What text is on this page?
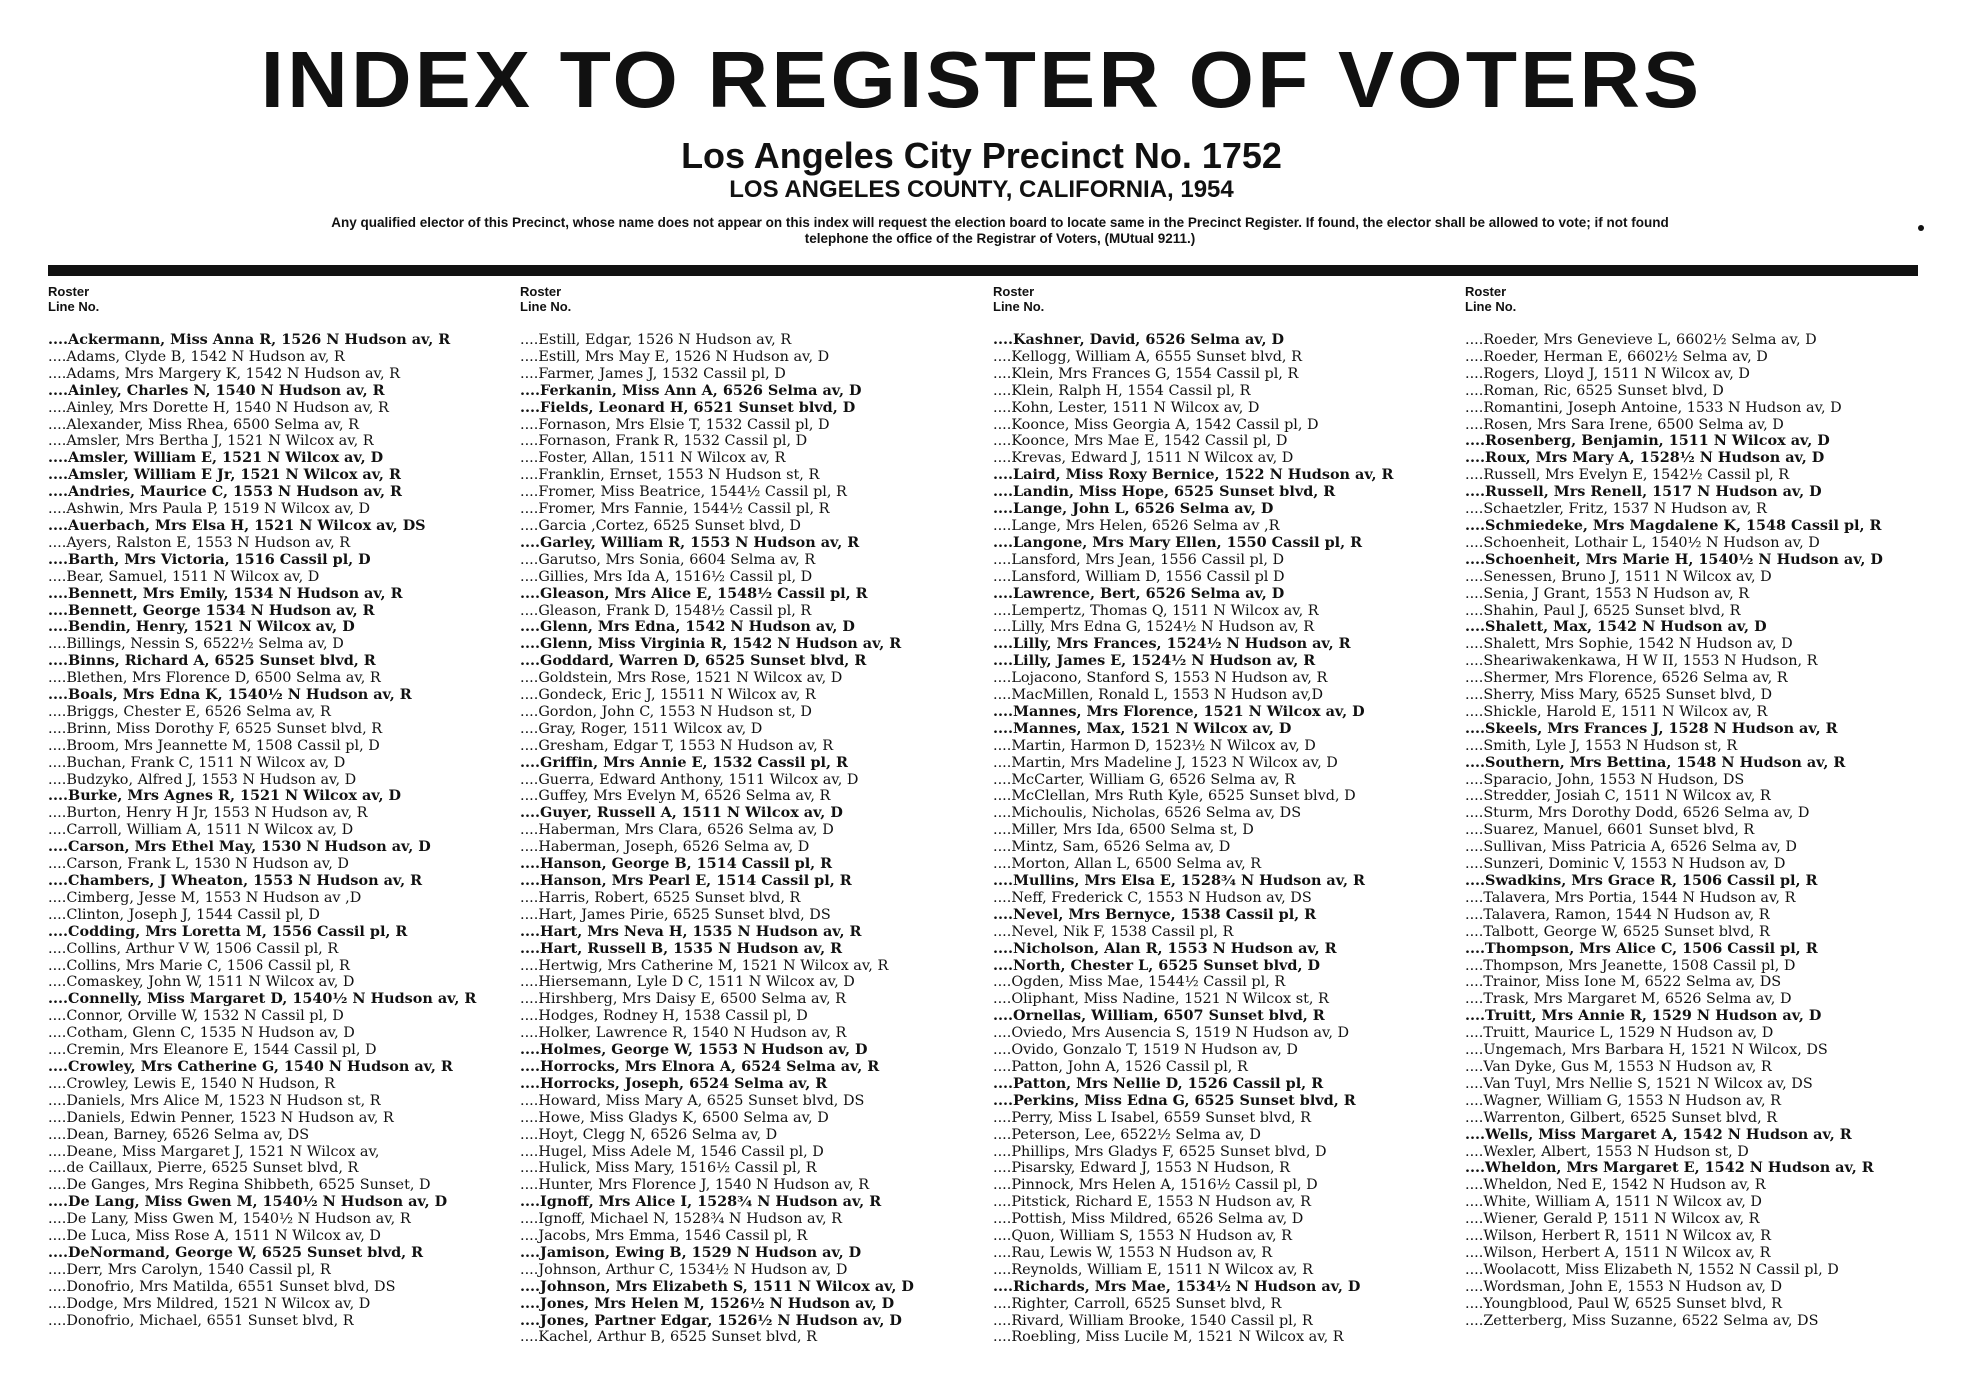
INDEX TO REGISTER OF VOTERS
Los Angeles City Precinct No. 1752
LOS ANGELES COUNTY, CALIFORNIA, 1954

Any qualified elector of this Precinct, whose name does not appear on this index will request the election board to locate same in the Precinct Register. If found, the elector shall be allowed to vote; if not found telephone the office of the Registrar of Voters, (MUtual 9211.)

Roster
Line No.
.... Ackermann, Miss Anna R, 1526 N Hudson av, R
.... Adams, Clyde B, 1542 N Hudson av, R
.... Adams, Mrs Margery K, 1542 N Hudson av, R
.... Ainley, Charles N, 1540 N Hudson av, R
.... Ainley, Mrs Dorette H, 1540 N Hudson av, R
.... Alexander, Miss Rhea, 6500 Selma av, R
.... Amsler, Mrs Bertha J, 1521 N Wilcox av, R
.... Amsler, William E, 1521 N Wilcox av, D
.... Amsler, William E Jr, 1521 N Wilcox av, R
.... Andries, Maurice C, 1553 N Hudson av, R
.... Ashwin, Mrs Paula P, 1519 N Wilcox av, D
.... Auerbach, Mrs Elsa H, 1521 N Wilcox av, DS
.... Ayers, Ralston E, 1553 N Hudson av, R
.... Barth, Mrs Victoria, 1516 Cassil pl, D
.... Bear, Samuel, 1511 N Wilcox av, D
.... Bennett, Mrs Emily, 1534 N Hudson av, R
.... Bennett, George 1534 N Hudson av, R
.... Bendin, Henry, 1521 N Wilcox av, D
.... Billings, Nessin S, 6522½ Selma av, D
.... Binns, Richard A, 6525 Sunset blvd, R
.... Blethen, Mrs Florence D, 6500 Selma av, R
.... Boals, Mrs Edna K, 1540½ N Hudson av, R
.... Briggs, Chester E, 6526 Selma av, R
.... Brinn, Miss Dorothy F, 6525 Sunset blvd, R
.... Broom, Mrs Jeannette M, 1508 Cassil pl, D
.... Buchan, Frank C, 1511 N Wilcox av, D
.... Budzyko, Alfred J, 1553 N Hudson av, D
.... Burke, Mrs Agnes R, 1521 N Wilcox av, D
.... Burton, Henry H Jr, 1553 N Hudson av, R
.... Carroll, William A, 1511 N Wilcox av, D
.... Carson, Mrs Ethel May, 1530 N Hudson av, D
.... Carson, Frank L, 1530 N Hudson av, D
.... Chambers, J Wheaton, 1553 N Hudson av, R
.... Cimberg, Jesse M, 1553 N Hudson av ,D
.... Clinton, Joseph J, 1544 Cassil pl, D
.... Codding, Mrs Loretta M, 1556 Cassil pl, R
.... Collins, Arthur V W, 1506 Cassil pl, R
.... Collins, Mrs Marie C, 1506 Cassil pl, R
.... Comaskey, John W, 1511 N Wilcox av, D
.... Connelly, Miss Margaret D, 1540½ N Hudson av, R
.... Connor, Orville W, 1532 N Cassil pl, D
.... Cotham, Glenn C, 1535 N Hudson av, D
.... Cremin, Mrs Eleanore E, 1544 Cassil pl, D
.... Crowley, Mrs Catherine G, 1540 N Hudson av, R
.... Crowley, Lewis E, 1540 N Hudson, R
.... Daniels, Mrs Alice M, 1523 N Hudson st, R
.... Daniels, Edwin Penner, 1523 N Hudson av, R
.... Dean, Barney, 6526 Selma av, DS
.... Deane, Miss Margaret J, 1521 N Wilcox av,
.... de Caillaux, Pierre, 6525 Sunset blvd, R
.... De Ganges, Mrs Regina Shibbeth, 6525 Sunset, D
.... De Lang, Miss Gwen M, 1540½ N Hudson av, D
.... De Lany, Miss Gwen M, 1540½ N Hudson av, R
.... De Luca, Miss Rose A, 1511 N Wilcox av, D
.... DeNormand, George W, 6525 Sunset blvd, R
.... Derr, Mrs Carolyn, 1540 Cassil pl, R
.... Donofrio, Mrs Matilda, 6551 Sunset blvd, DS
.... Dodge, Mrs Mildred, 1521 N Wilcox av, D
.... Donofrio, Michael, 6551 Sunset blvd, R
Roster
Line No.
.... Estill, Edgar, 1526 N Hudson av, R
.... Estill, Mrs May E, 1526 N Hudson av, D
.... Farmer, James J, 1532 Cassil pl, D
.... Ferkanin, Miss Ann A, 6526 Selma av, D
.... Fields, Leonard H, 6521 Sunset blvd, D
.... Fornason, Mrs Elsie T, 1532 Cassil pl, D
.... Fornason, Frank R, 1532 Cassil pl, D
.... Foster, Allan, 1511 N Wilcox av, R
.... Franklin, Ernset, 1553 N Hudson st, R
.... Fromer, Miss Beatrice, 1544½ Cassil pl, R
.... Fromer, Mrs Fannie, 1544½ Cassil pl, R
.... Garcia ,Cortez, 6525 Sunset blvd, D
.... Garley, William R, 1553 N Hudson av, R
.... Garutso, Mrs Sonia, 6604 Selma av, R
.... Gillies, Mrs Ida A, 1516½ Cassil pl, D
.... Gleason, Mrs Alice E, 1548½ Cassil pl, R
.... Gleason, Frank D, 1548½ Cassil pl, R
.... Glenn, Mrs Edna, 1542 N Hudson av, D
.... Glenn, Miss Virginia R, 1542 N Hudson av, R
.... Goddard, Warren D, 6525 Sunset blvd, R
.... Goldstein, Mrs Rose, 1521 N Wilcox av, D
.... Gondeck, Eric J, 15511 N Wilcox av, R
.... Gordon, John C, 1553 N Hudson st, D
.... Gray, Roger, 1511 Wilcox av, D
.... Gresham, Edgar T, 1553 N Hudson av, R
.... Griffin, Mrs Annie E, 1532 Cassil pl, R
.... Guerra, Edward Anthony, 1511 Wilcox av, D
.... Guffey, Mrs Evelyn M, 6526 Selma av, R
.... Guyer, Russell A, 1511 N Wilcox av, D
.... Haberman, Mrs Clara, 6526 Selma av, D
.... Haberman, Joseph, 6526 Selma av, D
.... Hanson, George B, 1514 Cassil pl, R
.... Hanson, Mrs Pearl E, 1514 Cassil pl, R
.... Harris, Robert, 6525 Sunset blvd, R
.... Hart, James Pirie, 6525 Sunset blvd, DS
.... Hart, Mrs Neva H, 1535 N Hudson av, R
.... Hart, Russell B, 1535 N Hudson av, R
.... Hertwig, Mrs Catherine M, 1521 N Wilcox av, R
.... Hiersemann, Lyle D C, 1511 N Wilcox av, D
.... Hirshberg, Mrs Daisy E, 6500 Selma av, R
.... Hodges, Rodney H, 1538 Cassil pl, D
.... Holker, Lawrence R, 1540 N Hudson av, R
.... Holmes, George W, 1553 N Hudson av, D
.... Horrocks, Mrs Elnora A, 6524 Selma av, R
.... Horrocks, Joseph, 6524 Selma av, R
.... Howard, Miss Mary A, 6525 Sunset blvd, DS
.... Howe, Miss Gladys K, 6500 Selma av, D
.... Hoyt, Clegg N, 6526 Selma av, D
.... Hugel, Miss Adele M, 1546 Cassil pl, D
.... Hulick, Miss Mary, 1516½ Cassil pl, R
.... Hunter, Mrs Florence J, 1540 N Hudson av, R
.... Ignoff, Mrs Alice I, 1528¾ N Hudson av, R
.... Ignoff, Michael N, 1528¾ N Hudson av, R
.... Jacobs, Mrs Emma, 1546 Cassil pl, R
.... Jamison, Ewing B, 1529 N Hudson av, D
.... Johnson, Arthur C, 1534½ N Hudson av, D
.... Johnson, Mrs Elizabeth S, 1511 N Wilcox av, D
.... Jones, Mrs Helen M, 1526½ N Hudson av, D
.... Jones, Partner Edgar, 1526½ N Hudson av, D
.... Kachel, Arthur B, 6525 Sunset blvd, R
Roster
Line No.
.... Kashner, David, 6526 Selma av, D
.... Kellogg, William A, 6555 Sunset blvd, R
.... Klein, Mrs Frances G, 1554 Cassil pl, R
.... Klein, Ralph H, 1554 Cassil pl, R
.... Kohn, Lester, 1511 N Wilcox av, D
.... Koonce, Miss Georgia A, 1542 Cassil pl, D
.... Koonce, Mrs Mae E, 1542 Cassil pl, D
.... Krevas, Edward J, 1511 N Wilcox av, D
.... Laird, Miss Roxy Bernice, 1522 N Hudson av, R
.... Landin, Miss Hope, 6525 Sunset blvd, R
.... Lange, John L, 6526 Selma av, D
.... Lange, Mrs Helen, 6526 Selma av ,R
.... Langone, Mrs Mary Ellen, 1550 Cassil pl, R
.... Lansford, Mrs Jean, 1556 Cassil pl, D
.... Lansford, William D, 1556 Cassil pl D
.... Lawrence, Bert, 6526 Selma av, D
.... Lempertz, Thomas Q, 1511 N Wilcox av, R
.... Lilly, Mrs Edna G, 1524½ N Hudson av, R
.... Lilly, Mrs Frances, 1524½ N Hudson av, R
.... Lilly, James E, 1524½ N Hudson av, R
.... Lojacono, Stanford S, 1553 N Hudson av, R
.... MacMillen, Ronald L, 1553 N Hudson av,D
.... Mannes, Mrs Florence, 1521 N Wilcox av, D
.... Mannes, Max, 1521 N Wilcox av, D
.... Martin, Harmon D, 1523½ N Wilcox av, D
.... Martin, Mrs Madeline J, 1523 N Wilcox av, D
.... McCarter, William G, 6526 Selma av, R
.... McClellan, Mrs Ruth Kyle, 6525 Sunset blvd, D
.... Michoulis, Nicholas, 6526 Selma av, DS
.... Miller, Mrs Ida, 6500 Selma st, D
.... Mintz, Sam, 6526 Selma av, D
.... Morton, Allan L, 6500 Selma av, R
.... Mullins, Mrs Elsa E, 1528¾ N Hudson av, R
.... Neff, Frederick C, 1553 N Hudson av, DS
.... Nevel, Mrs Bernyce, 1538 Cassil pl, R
.... Nevel, Nik F, 1538 Cassil pl, R
.... Nicholson, Alan R, 1553 N Hudson av, R
.... North, Chester L, 6525 Sunset blvd, D
.... Ogden, Miss Mae, 1544½ Cassil pl, R
.... Oliphant, Miss Nadine, 1521 N Wilcox st, R
.... Ornellas, William, 6507 Sunset blvd, R
.... Oviedo, Mrs Ausencia S, 1519 N Hudson av, D
.... Ovido, Gonzalo T, 1519 N Hudson av, D
.... Patton, John A, 1526 Cassil pl, R
.... Patton, Mrs Nellie D, 1526 Cassil pl, R
.... Perkins, Miss Edna G, 6525 Sunset blvd, R
.... Perry, Miss L Isabel, 6559 Sunset blvd, R
.... Peterson, Lee, 6522½ Selma av, D
.... Phillips, Mrs Gladys F, 6525 Sunset blvd, D
.... Pisarsky, Edward J, 1553 N Hudson, R
.... Pinnock, Mrs Helen A, 1516½ Cassil pl, D
.... Pitstick, Richard E, 1553 N Hudson av, R
.... Pottish, Miss Mildred, 6526 Selma av, D
.... Quon, William S, 1553 N Hudson av, R
.... Rau, Lewis W, 1553 N Hudson av, R
.... Reynolds, William E, 1511 N Wilcox av, R
.... Richards, Mrs Mae, 1534½ N Hudson av, D
.... Righter, Carroll, 6525 Sunset blvd, R
.... Rivard, William Brooke, 1540 Cassil pl, R
.... Roebling, Miss Lucile M, 1521 N Wilcox av, R
Roster
Line No.
.... Roeder, Mrs Genevieve L, 6602½ Selma av, D
.... Roeder, Herman E, 6602½ Selma av, D
.... Rogers, Lloyd J, 1511 N Wilcox av, D
.... Roman, Ric, 6525 Sunset blvd, D
.... Romantini, Joseph Antoine, 1533 N Hudson av, D
.... Rosen, Mrs Sara Irene, 6500 Selma av, D
.... Rosenberg, Benjamin, 1511 N Wilcox av, D
.... Roux, Mrs Mary A, 1528½ N Hudson av, D
.... Russell, Mrs Evelyn E, 1542½ Cassil pl, R
.... Russell, Mrs Renell, 1517 N Hudson av, D
.... Schaetzler, Fritz, 1537 N Hudson av, R
.... Schmiedeke, Mrs Magdalene K, 1548 Cassil pl, R
.... Schoenheit, Lothair L, 1540½ N Hudson av, D
.... Schoenheit, Mrs Marie H, 1540½ N Hudson av, D
.... Senessen, Bruno J, 1511 N Wilcox av, D
.... Senia, J Grant, 1553 N Hudson av, R
.... Shahin, Paul J, 6525 Sunset blvd, R
.... Shalett, Max, 1542 N Hudson av, D
.... Shalett, Mrs Sophie, 1542 N Hudson av, D
.... Sheariwakenkawa, H W II, 1553 N Hudson, R
.... Shermer, Mrs Florence, 6526 Selma av, R
.... Sherry, Miss Mary, 6525 Sunset blvd, D
.... Shickle, Harold E, 1511 N Wilcox av, R
.... Skeels, Mrs Frances J, 1528 N Hudson av, R
.... Smith, Lyle J, 1553 N Hudson st, R
.... Southern, Mrs Bettina, 1548 N Hudson av, R
.... Sparacio, John, 1553 N Hudson, DS
.... Stredder, Josiah C, 1511 N Wilcox av, R
.... Sturm, Mrs Dorothy Dodd, 6526 Selma av, D
.... Suarez, Manuel, 6601 Sunset blvd, R
.... Sullivan, Miss Patricia A, 6526 Selma av, D
.... Sunzeri, Dominic V, 1553 N Hudson av, D
.... Swadkins, Mrs Grace R, 1506 Cassil pl, R
.... Talavera, Mrs Portia, 1544 N Hudson av, R
.... Talavera, Ramon, 1544 N Hudson av, R
.... Talbott, George W, 6525 Sunset blvd, R
.... Thompson, Mrs Alice C, 1506 Cassil pl, R
.... Thompson, Mrs Jeanette, 1508 Cassil pl, D
.... Trainor, Miss Ione M, 6522 Selma av, DS
.... Trask, Mrs Margaret M, 6526 Selma av, D
.... Truitt, Mrs Annie R, 1529 N Hudson av, D
.... Truitt, Maurice L, 1529 N Hudson av, D
.... Ungemach, Mrs Barbara H, 1521 N Wilcox, DS
.... Van Dyke, Gus M, 1553 N Hudson av, R
.... Van Tuyl, Mrs Nellie S, 1521 N Wilcox av, DS
.... Wagner, William G, 1553 N Hudson av, R
.... Warrenton, Gilbert, 6525 Sunset blvd, R
.... Wells, Miss Margaret A, 1542 N Hudson av, R
.... Wexler, Albert, 1553 N Hudson st, D
.... Wheldon, Mrs Margaret E, 1542 N Hudson av, R
.... Wheldon, Ned E, 1542 N Hudson av, R
.... White, William A, 1511 N Wilcox av, D
.... Wiener, Gerald P, 1511 N Wilcox av, R
.... Wilson, Herbert R, 1511 N Wilcox av, R
.... Wilson, Herbert A, 1511 N Wilcox av, R
.... Woolacott, Miss Elizabeth N, 1552 N Cassil pl, D
.... Wordsman, John E, 1553 N Hudson av, D
.... Youngblood, Paul W, 6525 Sunset blvd, R
.... Zetterberg, Miss Suzanne, 6522 Selma av, DS
